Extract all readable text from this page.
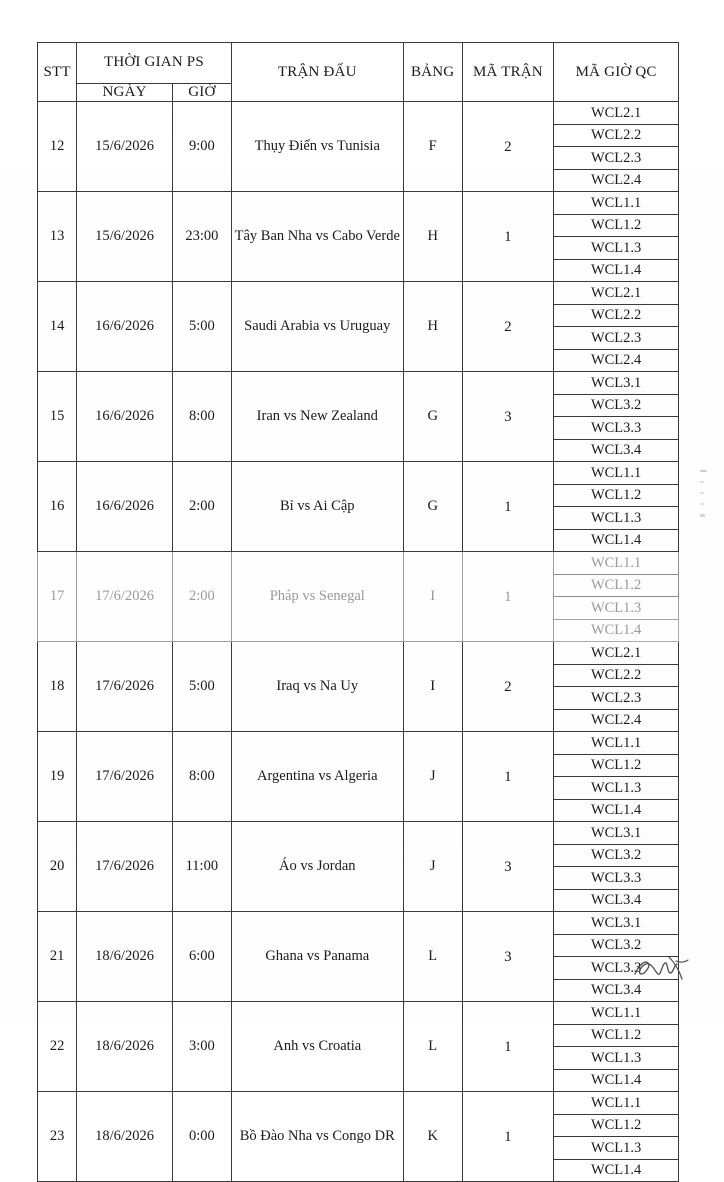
STT	THỜI GIAN PS		TRẬN ĐẤU	BẢNG	MÃ TRẬN	MÃ GIỜ QC

	NGÀY	GIỜ				

12	15/6/2026	9:00	Thụy Điển vs Tunisia	F	2	WCL2.1

						WCL2.2

						WCL2.3

						WCL2.4

13	15/6/2026	23:00	Tây Ban Nha vs Cabo Verde	H	1	WCL1.1

						WCL1.2

						WCL1.3

						WCL1.4

14	16/6/2026	5:00	Saudi Arabia vs Uruguay	H	2	WCL2.1

						WCL2.2

						WCL2.3

						WCL2.4

15	16/6/2026	8:00	Iran vs New Zealand	G	3	WCL3.1

						WCL3.2

						WCL3.3

						WCL3.4

16	16/6/2026	2:00	Bỉ vs Ai Cập	G	1	WCL1.1

						WCL1.2

						WCL1.3

						WCL1.4

17	17/6/2026	2:00	Pháp vs Senegal	I	1	WCL1.1

						WCL1.2

						WCL1.3

						WCL1.4

18	17/6/2026	5:00	Iraq vs Na Uy	I	2	WCL2.1

						WCL2.2

						WCL2.3

						WCL2.4

19	17/6/2026	8:00	Argentina vs Algeria	J	1	WCL1.1

						WCL1.2

						WCL1.3

						WCL1.4

20	17/6/2026	11:00	Áo vs Jordan	J	3	WCL3.1

						WCL3.2

						WCL3.3

						WCL3.4

21	18/6/2026	6:00	Ghana vs Panama	L	3	WCL3.1

						WCL3.2

						WCL3.3

						WCL3.4

22	18/6/2026	3:00	Anh vs Croatia	L	1	WCL1.1

						WCL1.2

						WCL1.3

						WCL1.4

23	18/6/2026	0:00	Bồ Đào Nha vs Congo DR	K	1	WCL1.1

						WCL1.2

						WCL1.3

						WCL1.4
